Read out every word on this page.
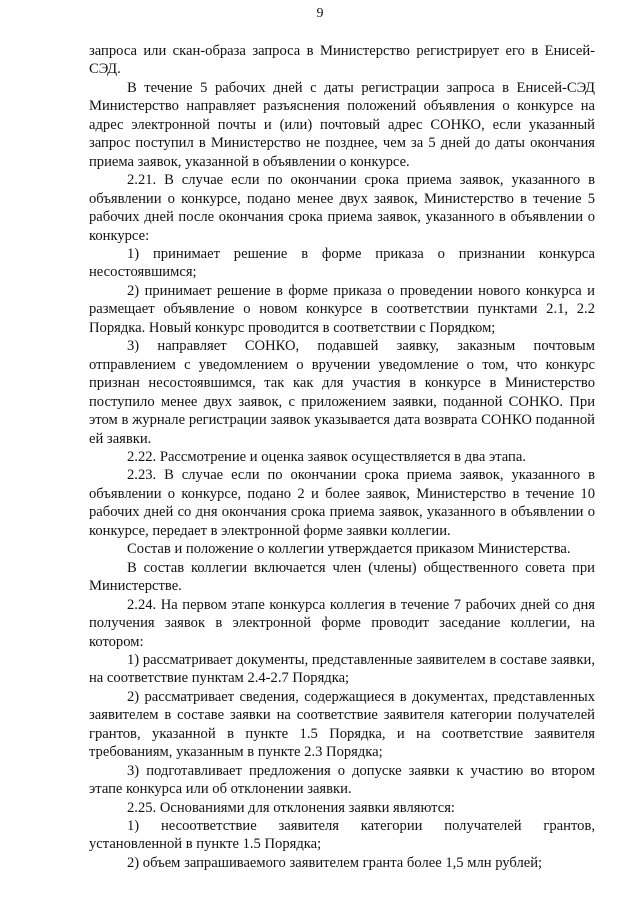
9

запроса или скан-образа запроса в Министерство регистрирует его в Енисей-СЭД.

В течение 5 рабочих дней с даты регистрации запроса в Енисей-СЭД Министерство направляет разъяснения положений объявления о конкурсе на адрес электронной почты и (или) почтовый адрес СОНКО, если указанный запрос поступил в Министерство не позднее, чем за 5 дней до даты окончания приема заявок, указанной в объявлении о конкурсе.

2.21. В случае если по окончании срока приема заявок, указанного в объявлении о конкурсе, подано менее двух заявок, Министерство в течение 5 рабочих дней после окончания срока приема заявок, указанного в объявлении о конкурсе:

1) принимает решение в форме приказа о признании конкурса несостоявшимся;

2) принимает решение в форме приказа о проведении нового конкурса и размещает объявление о новом конкурсе в соответствии пунктами 2.1, 2.2 Порядка. Новый конкурс проводится в соответствии с Порядком;

3) направляет СОНКО, подавшей заявку, заказным почтовым отправлением с уведомлением о вручении уведомление о том, что конкурс признан несостоявшимся, так как для участия в конкурсе в Министерство поступило менее двух заявок, с приложением заявки, поданной СОНКО. При этом в журнале регистрации заявок указывается дата возврата СОНКО поданной ей заявки.

2.22. Рассмотрение и оценка заявок осуществляется в два этапа.

2.23. В случае если по окончании срока приема заявок, указанного в объявлении о конкурсе, подано 2 и более заявок, Министерство в течение 10 рабочих дней со дня окончания срока приема заявок, указанного в объявлении о конкурсе, передает в электронной форме заявки коллегии.

Состав и положение о коллегии утверждается приказом Министерства.

В состав коллегии включается член (члены) общественного совета при Министерстве.

2.24. На первом этапе конкурса коллегия в течение 7 рабочих дней со дня получения заявок в электронной форме проводит заседание коллегии, на котором:

1) рассматривает документы, представленные заявителем в составе заявки, на соответствие пунктам 2.4-2.7 Порядка;

2) рассматривает сведения, содержащиеся в документах, представленных заявителем в составе заявки на соответствие заявителя категории получателей грантов, указанной в пункте 1.5 Порядка, и на соответствие заявителя требованиям, указанным в пункте 2.3 Порядка;

3) подготавливает предложения о допуске заявки к участию во втором этапе конкурса или об отклонении заявки.

2.25. Основаниями для отклонения заявки являются:

1) несоответствие заявителя категории получателей грантов, установленной в пункте 1.5 Порядка;

2) объем запрашиваемого заявителем гранта более 1,5 млн рублей;
